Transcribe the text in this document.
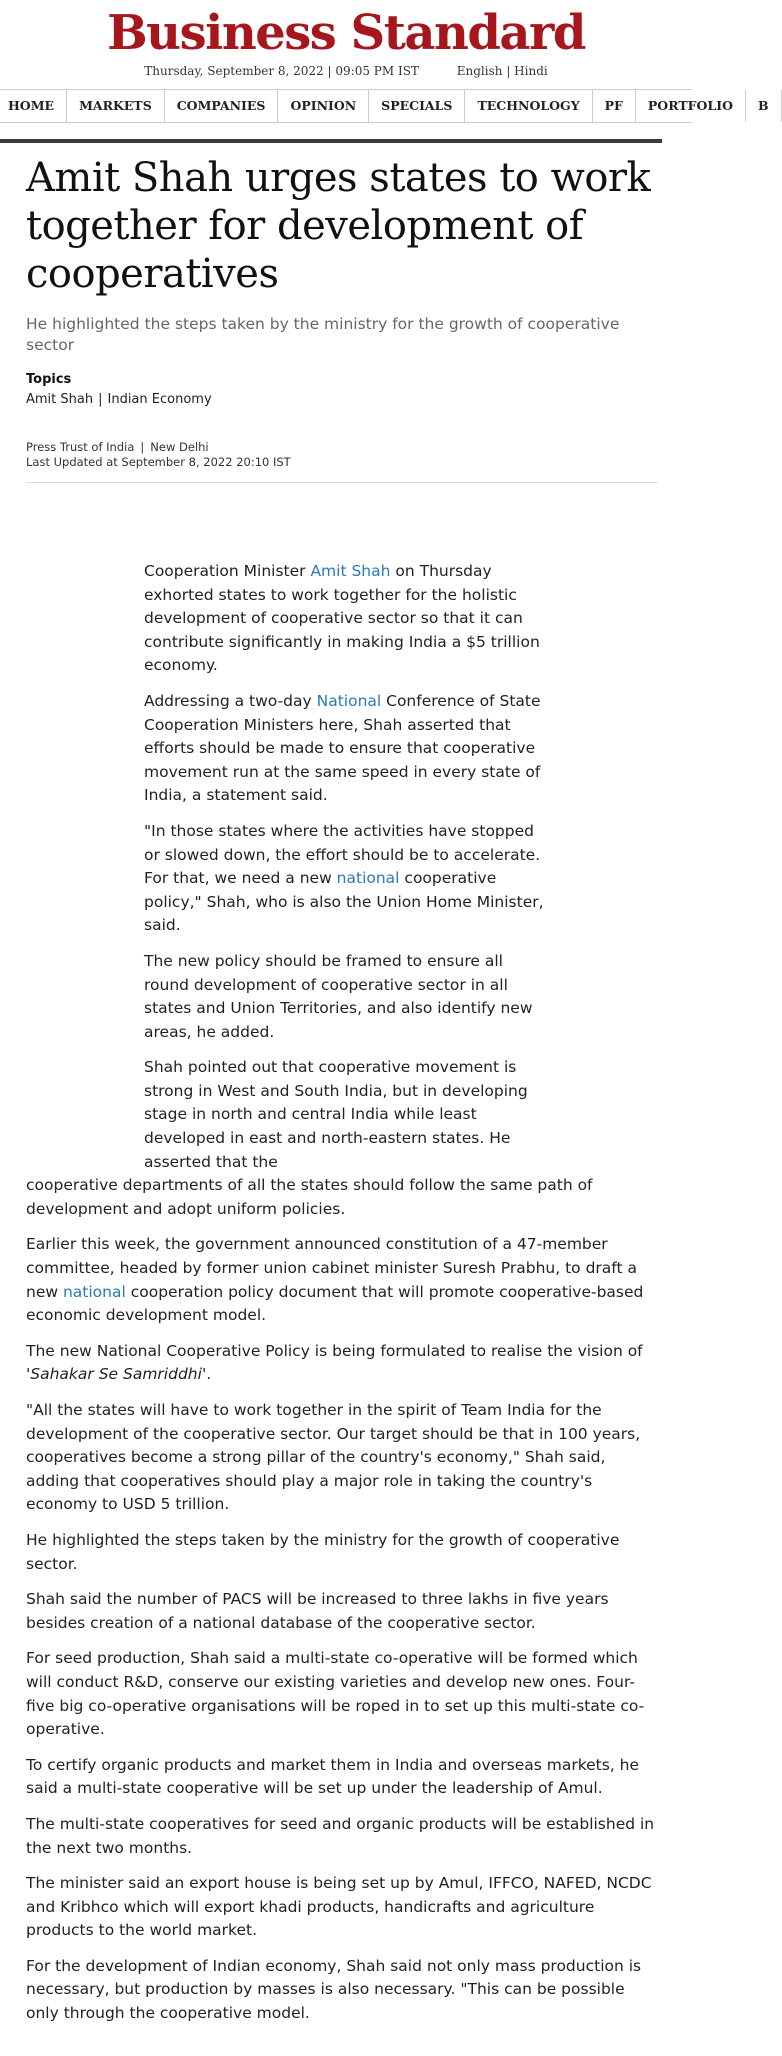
Business Standard
Thursday, September 8, 2022 | 09:05 PM IST	English | Hindi
HOME	MARKETS	COMPANIES	OPINION	SPECIALS	TECHNOLOGY	PF	PORTFOLIO	B
Amit Shah urges states to work together for development of cooperatives
He highlighted the steps taken by the ministry for the growth of cooperative sector
Topics
Amit Shah | Indian Economy
Press Trust of India | New Delhi
Last Updated at September 8, 2022 20:10 IST

Cooperation Minister Amit Shah on Thursday exhorted states to work together for the holistic development of cooperative sector so that it can contribute significantly in making India a $5 trillion economy.

Addressing a two-day National Conference of State Cooperation Ministers here, Shah asserted that efforts should be made to ensure that cooperative movement run at the same speed in every state of India, a statement said.

"In those states where the activities have stopped or slowed down, the effort should be to accelerate. For that, we need a new national cooperative policy," Shah, who is also the Union Home Minister, said.

The new policy should be framed to ensure all round development of cooperative sector in all states and Union Territories, and also identify new areas, he added.

Shah pointed out that cooperative movement is strong in West and South India, but in developing stage in north and central India while least developed in east and north-eastern states. He asserted that the
cooperative departments of all the states should follow the same path of development and adopt uniform policies.

Earlier this week, the government announced constitution of a 47-member committee, headed by former union cabinet minister Suresh Prabhu, to draft a new national cooperation policy document that will promote cooperative-based economic development model.

The new National Cooperative Policy is being formulated to realise the vision of 'Sahakar Se Samriddhi'.

"All the states will have to work together in the spirit of Team India for the development of the cooperative sector. Our target should be that in 100 years, cooperatives become a strong pillar of the country's economy," Shah said, adding that cooperatives should play a major role in taking the country's economy to USD 5 trillion.

He highlighted the steps taken by the ministry for the growth of cooperative sector.

Shah said the number of PACS will be increased to three lakhs in five years besides creation of a national database of the cooperative sector.

For seed production, Shah said a multi-state co-operative will be formed which will conduct R&D, conserve our existing varieties and develop new ones. Four-five big co-operative organisations will be roped in to set up this multi-state co-operative.

To certify organic products and market them in India and overseas markets, he said a multi-state cooperative will be set up under the leadership of Amul.

The multi-state cooperatives for seed and organic products will be established in the next two months.

The minister said an export house is being set up by Amul, IFFCO, NAFED, NCDC and Kribhco which will export khadi products, handicrafts and agriculture products to the world market.

For the development of Indian economy, Shah said not only mass production is necessary, but production by masses is also necessary. "This can be possible only through the cooperative model.
